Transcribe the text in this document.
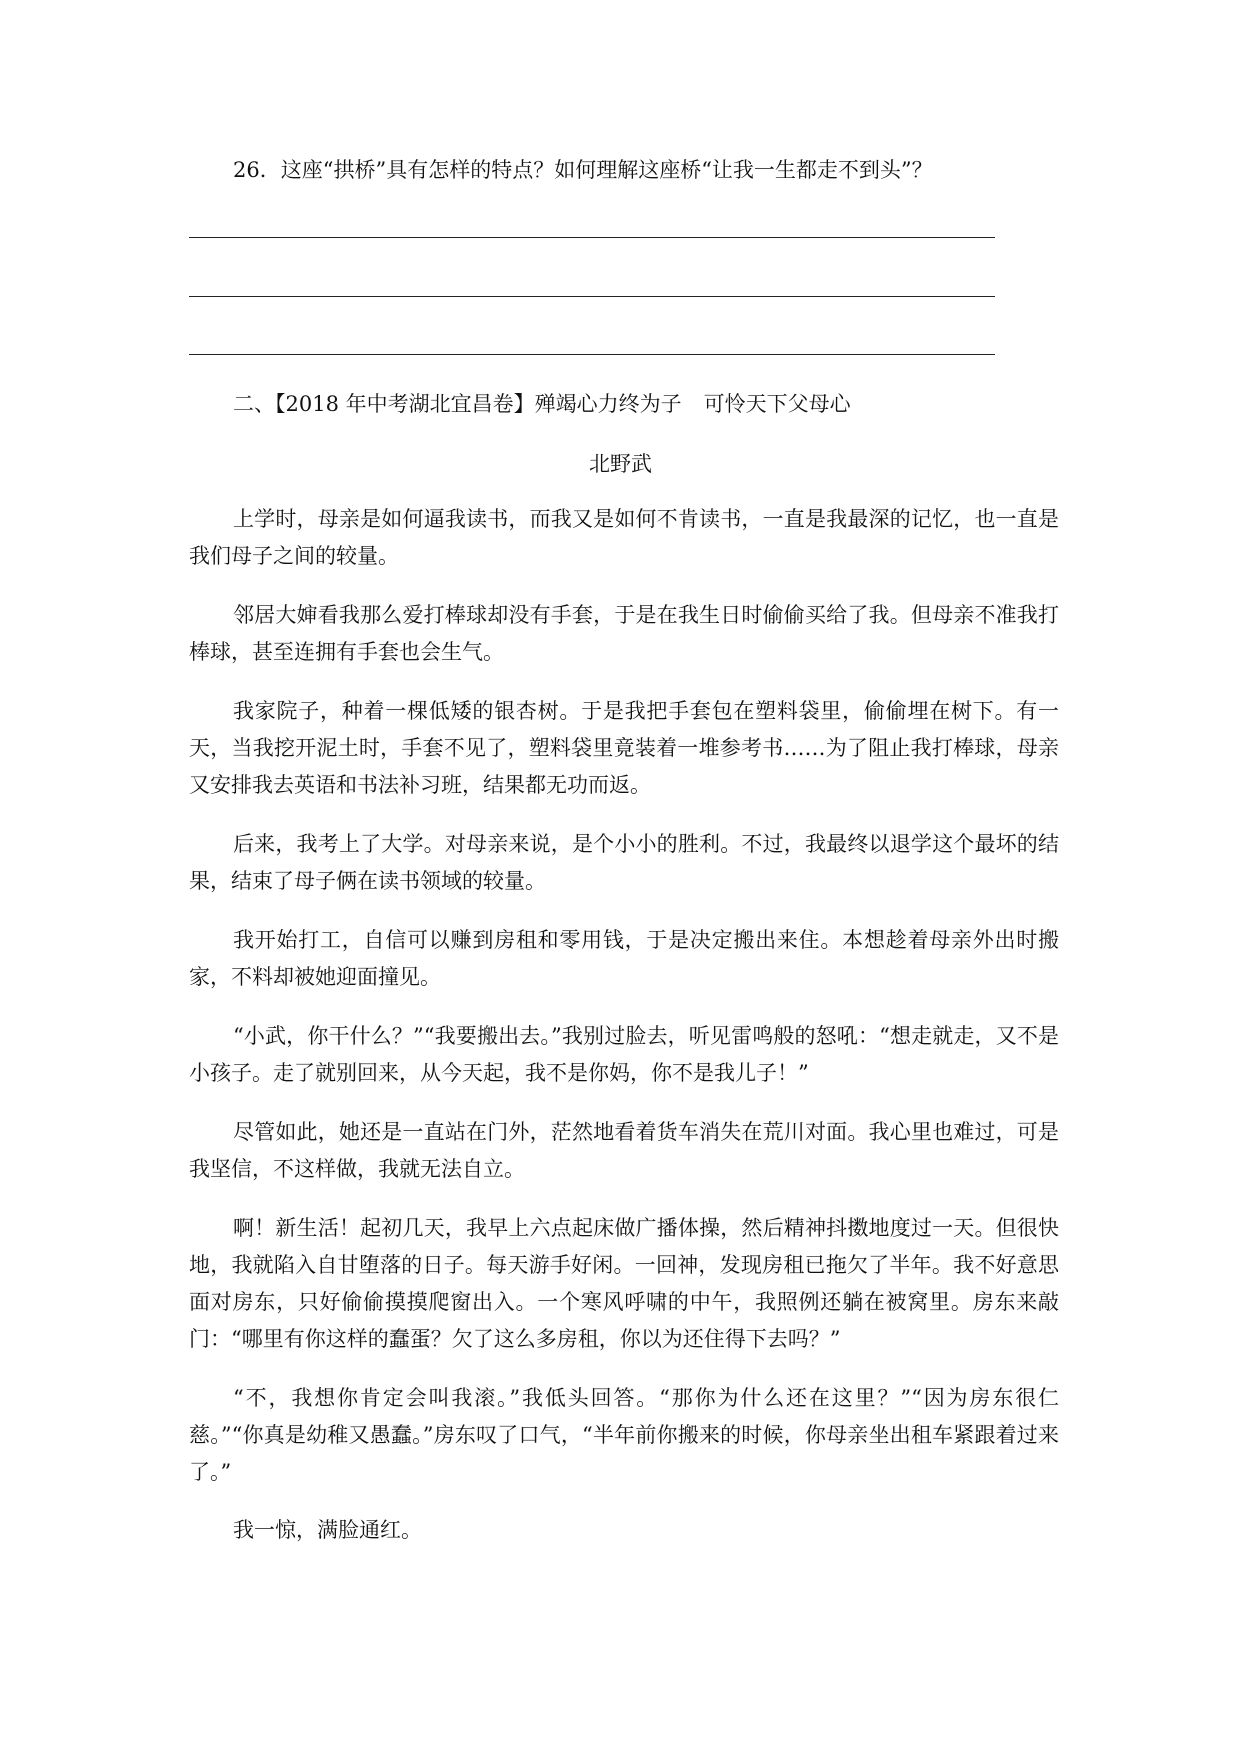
26．这座“拱桥”具有怎样的特点？如何理解这座桥“让我一生都走不到头”？
二、【2018 年中考湖北宜昌卷】殚竭心力终为子 可怜天下父母心
北野武

上学时，母亲是如何逼我读书，而我又是如何不肯读书，一直是我最深的记忆，也一直是我们母子之间的较量。

邻居大婶看我那么爱打棒球却没有手套，于是在我生日时偷偷买给了我。但母亲不准我打棒球，甚至连拥有手套也会生气。

我家院子，种着一棵低矮的银杏树。于是我把手套包在塑料袋里，偷偷埋在树下。有一天，当我挖开泥土时，手套不见了，塑料袋里竟装着一堆参考书……为了阻止我打棒球，母亲又安排我去英语和书法补习班，结果都无功而返。

后来，我考上了大学。对母亲来说，是个小小的胜利。不过，我最终以退学这个最坏的结果，结束了母子俩在读书领域的较量。

我开始打工，自信可以赚到房租和零用钱，于是决定搬出来住。本想趁着母亲外出时搬家，不料却被她迎面撞见。

“小武，你干什么？”“我要搬出去。”我别过脸去，听见雷鸣般的怒吼：“想走就走，又不是小孩子。走了就别回来，从今天起，我不是你妈，你不是我儿子！”

尽管如此，她还是一直站在门外，茫然地看着货车消失在荒川对面。我心里也难过，可是我坚信，不这样做，我就无法自立。

啊！新生活！起初几天，我早上六点起床做广播体操，然后精神抖擞地度过一天。但很快地，我就陷入自甘堕落的日子。每天游手好闲。一回神，发现房租已拖欠了半年。我不好意思面对房东，只好偷偷摸摸爬窗出入。一个寒风呼啸的中午，我照例还躺在被窝里。房东来敲门：“哪里有你这样的蠢蛋？欠了这么多房租，你以为还住得下去吗？”

“不，我想你肯定会叫我滚。”我低头回答。“那你为什么还在这里？”“因为房东很仁慈。”“你真是幼稚又愚蠢。”房东叹了口气，“半年前你搬来的时候，你母亲坐出租车紧跟着过来了。”

我一惊，满脸通红。
